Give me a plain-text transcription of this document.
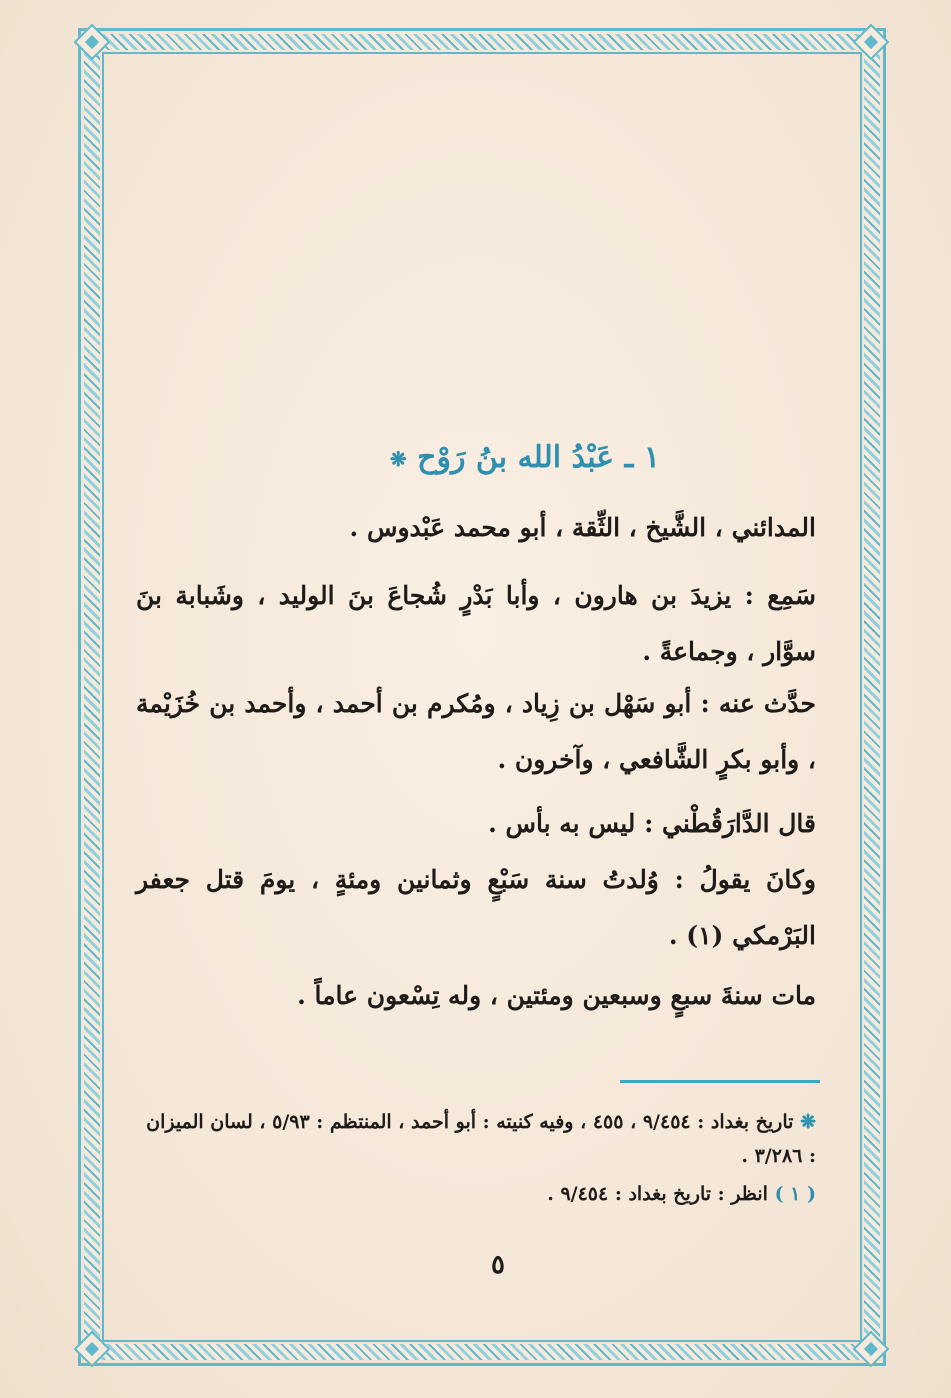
١ ـ عَبْدُ الله بنُ رَوْح ❋
المدائني ، الشَّيخ ، الثِّقة ، أبو محمد عَبْدوس .
سَمِع : يزيدَ بن هارون ، وأبا بَدْرٍ شُجاعَ بنَ الوليد ، وشَبابة بنَ سوَّار ، وجماعةً .
حدَّث عنه : أبو سَهْل بن زِياد ، ومُكرم بن أحمد ، وأحمد بن خُزَيْمة ، وأبو بكرٍ الشَّافعي ، وآخرون .
قال الدَّارَقُطْني : ليس به بأس .
وكانَ يقولُ : وُلدتُ سنة سَبْعٍ وثمانين ومئةٍ ، يومَ قتل جعفر البَرْمكي (١) .
مات سنةَ سبعٍ وسبعين ومئتين ، وله تِسْعون عاماً .
❋ تاريخ بغداد : ٩/٤٥٤ ، ٤٥٥ ، وفيه كنيته : أبو أحمد ، المنتظم : ٥/٩٣ ، لسان الميزان : ٣/٢٨٦ .
( ١ ) انظر : تاريخ بغداد : ٩/٤٥٤ .
٥
